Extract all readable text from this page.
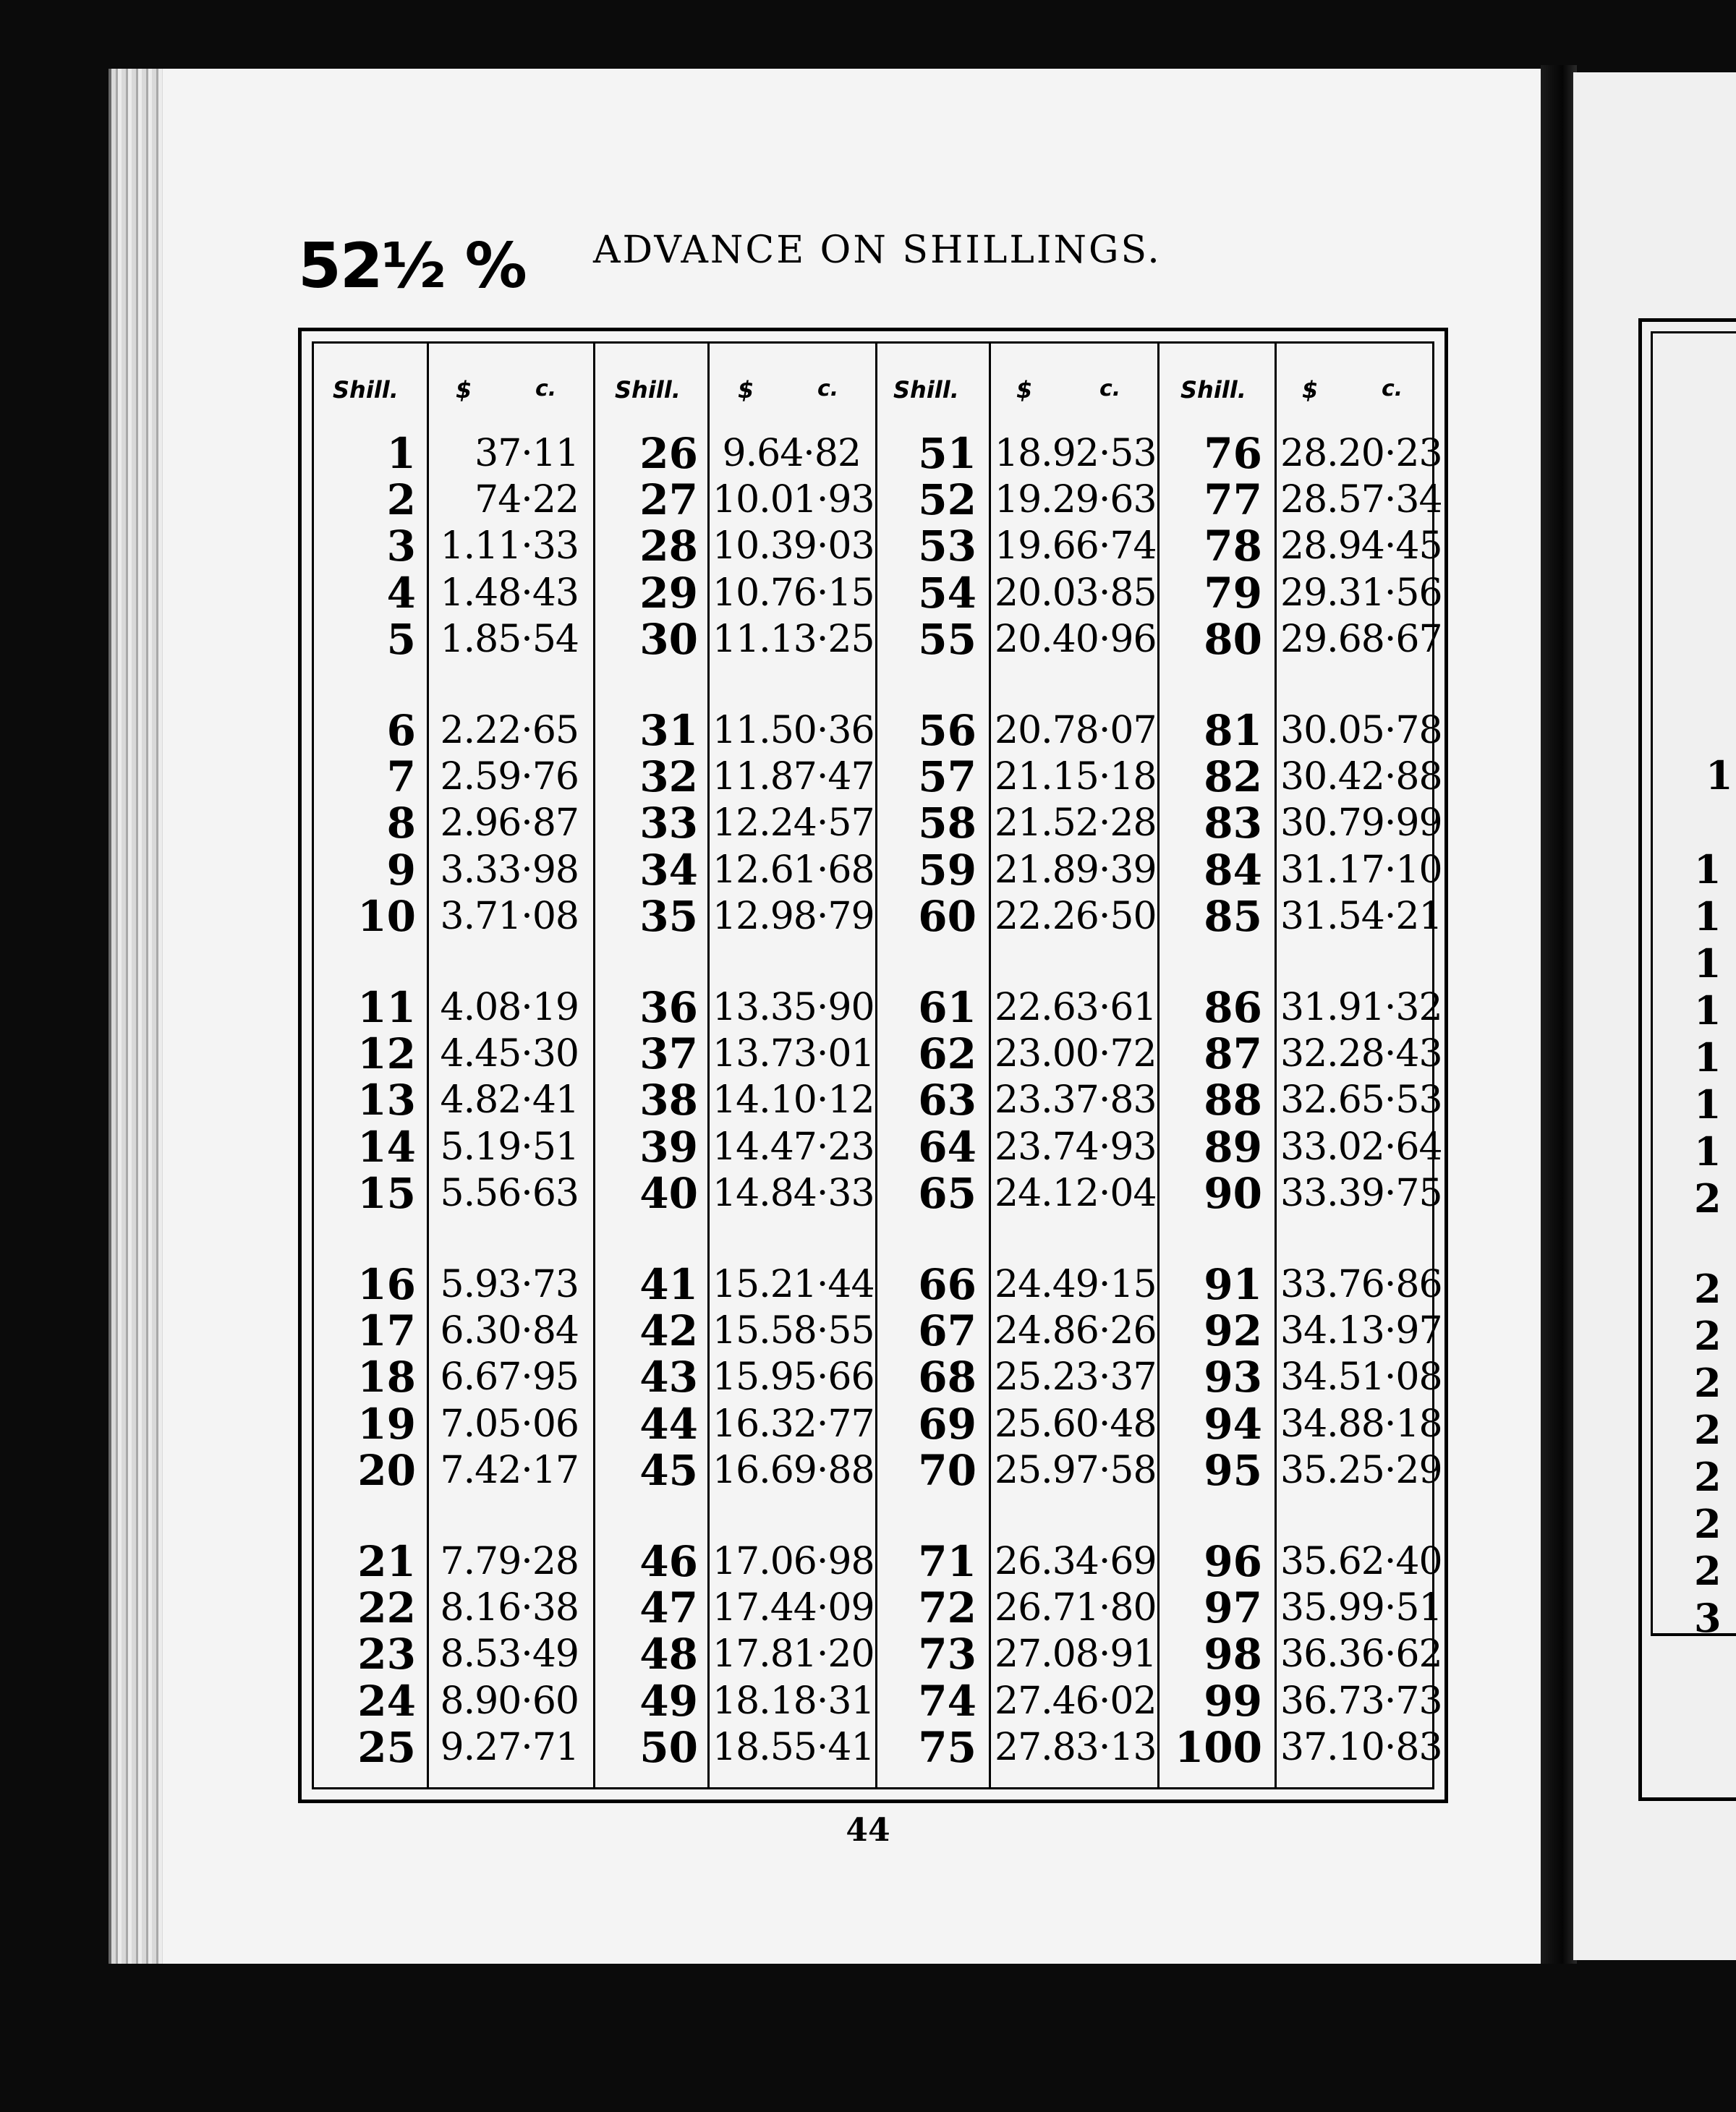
52½ % ADVANCE ON SHILLINGS.
Shill. $	c.
1	37·11
2	74·22
3 1.11·33
4 1.48·43
5 1.85·54
6 2.22·65
7 2.59·76
8 2.96·87
9 3.33·98
10 3.71·08
11 4.08·19
12 4.45·30
13 4.82·41
14 5.19·51
15 5.56·63
16 5.93·73
17 6.30·84
18 6.67·95
19 7.05·06
20 7.42·17
21 7.79·28
22 8.16·38
23 8.53·49
24 8.90·60
25 9.27·71
Shill. $	c.
26 9.64·82
27 10.01·93
28 10.39·03
29 10.76·15
30 11.13·25
31 11.50·36
32 11.87·47
33 12.24·57
34 12.61·68
35 12.98·79
36 13.35·90
37 13.73·01
38 14.10·12
39 14.47·23
40 14.84·33
41 15.21·44
42 15.58·55
43 15.95·66
44 16.32·77
45 16.69·88
46 17.06·98
47 17.44·09
48 17.81·20
49 18.18·31
50 18.55·41
Shill. $	c.
51 18.92·53
52 19.29·63
53 19.66·74
54 20.03·85
55 20.40·96
56 20.78·07
57 21.15·18
58 21.52·28
59 21.89·39
60 22.26·50
61 22.63·61
62 23.00·72
63 23.37·83
64 23.74·93
65 24.12·04
66 24.49·15
67 24.86·26
68 25.23·37
69 25.60·48
70 25.97·58
71 26.34·69
72 26.71·80
73 27.08·91
74 27.46·02
75 27.83·13
Shill. $	c.
76 28.20·23
77 28.57·34
78 28.94·45
79 29.31·56
80 29.68·67
81 30.05·78
82 30.42·88
83 30.79·99
84 31.17·10
85 31.54·21
86 31.91·32
87 32.28·43
88 32.65·53
89 33.02·64
90 33.39·75
91 33.76·86
92 34.13·97
93 34.51·08
94 34.88·18
95 35.25·29
96 35.62·40
97 35.99·51
98 36.36·62
99 36.73·73
100 37.10·83
44
1
1
1
1
1
1
1
1
2
2
2
2
2
2
2
2
3
